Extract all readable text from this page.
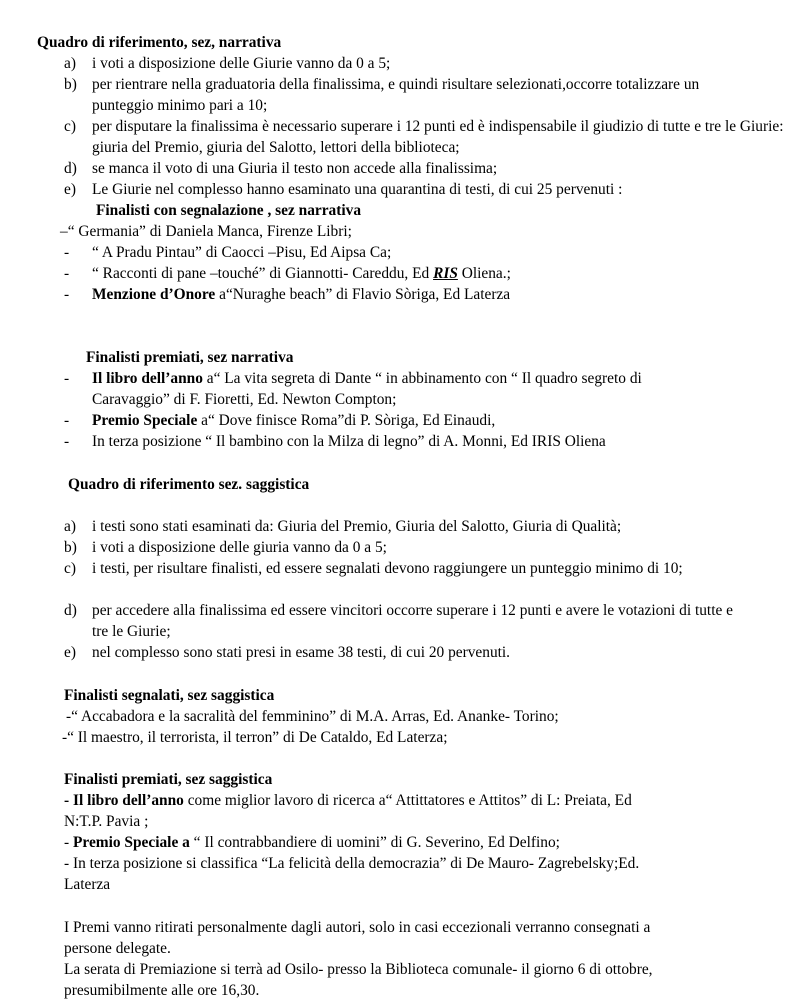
Quadro di riferimento, sez, narrativa
a) i voti a disposizione delle Giurie vanno da 0 a 5;
b) per rientrare nella graduatoria della finalissima, e quindi risultare selezionati,occorre totalizzare un punteggio minimo pari a 10;
c) per disputare la finalissima è necessario superare i 12 punti ed è indispensabile il giudizio di tutte e tre le Giurie: giuria del Premio, giuria del Salotto, lettori della biblioteca;
d) se manca il voto di una Giuria il testo non accede alla finalissima;
e) Le Giurie nel complesso hanno esaminato una quarantina di testi, di cui 25 pervenuti :
Finalisti con segnalazione , sez narrativa
–“ Germania” di Daniela Manca, Firenze Libri;
- “ A Pradu Pintau” di Caocci –Pisu, Ed Aipsa Ca;
- “ Racconti di pane –touché” di Giannotti- Careddu, Ed RIS Oliena.;
- Menzione d’Onore a“Nuraghe beach” di Flavio Sòriga, Ed Laterza
Finalisti premiati, sez narrativa
- Il libro dell’anno a“ La vita segreta di Dante “ in abbinamento con “ Il quadro segreto di
Caravaggio” di F. Fioretti, Ed. Newton Compton;
- Premio Speciale a“ Dove finisce Roma”di P. Sòriga, Ed Einaudi,
- In terza posizione “ Il bambino con la Milza di legno” di A. Monni, Ed IRIS Oliena
Quadro di riferimento sez. saggistica
a) i testi sono stati esaminati da: Giuria del Premio, Giuria del Salotto, Giuria di Qualità;
b) i voti a disposizione delle giuria vanno da 0 a 5;
c) i testi, per risultare finalisti, ed essere segnalati devono raggiungere un punteggio minimo di 10;
d) per accedere alla finalissima ed essere vincitori occorre superare i 12 punti e avere le votazioni di tutte e tre le Giurie;
e) nel complesso sono stati presi in esame 38 testi, di cui 20 pervenuti.
Finalisti segnalati, sez saggistica
-“ Accabadora e la sacralità del femminino” di M.A. Arras, Ed. Ananke- Torino;
-“ Il maestro, il terrorista, il terron” di De Cataldo, Ed Laterza;
Finalisti premiati, sez saggistica
- Il libro dell’anno come miglior lavoro di ricerca a“ Attittatores e Attitos” di L: Preiata, Ed
N:T.P. Pavia ;
- Premio Speciale a “ Il contrabbandiere di uomini” di G. Severino, Ed Delfino;
- In terza posizione si classifica “La felicità della democrazia” di De Mauro- Zagrebelsky;Ed.
Laterza
I Premi vanno ritirati personalmente dagli autori, solo in casi eccezionali verranno consegnati a
persone delegate.
La serata di Premiazione si terrà ad Osilo- presso la Biblioteca comunale- il giorno 6 di ottobre,
presumibilmente alle ore 16,30.
